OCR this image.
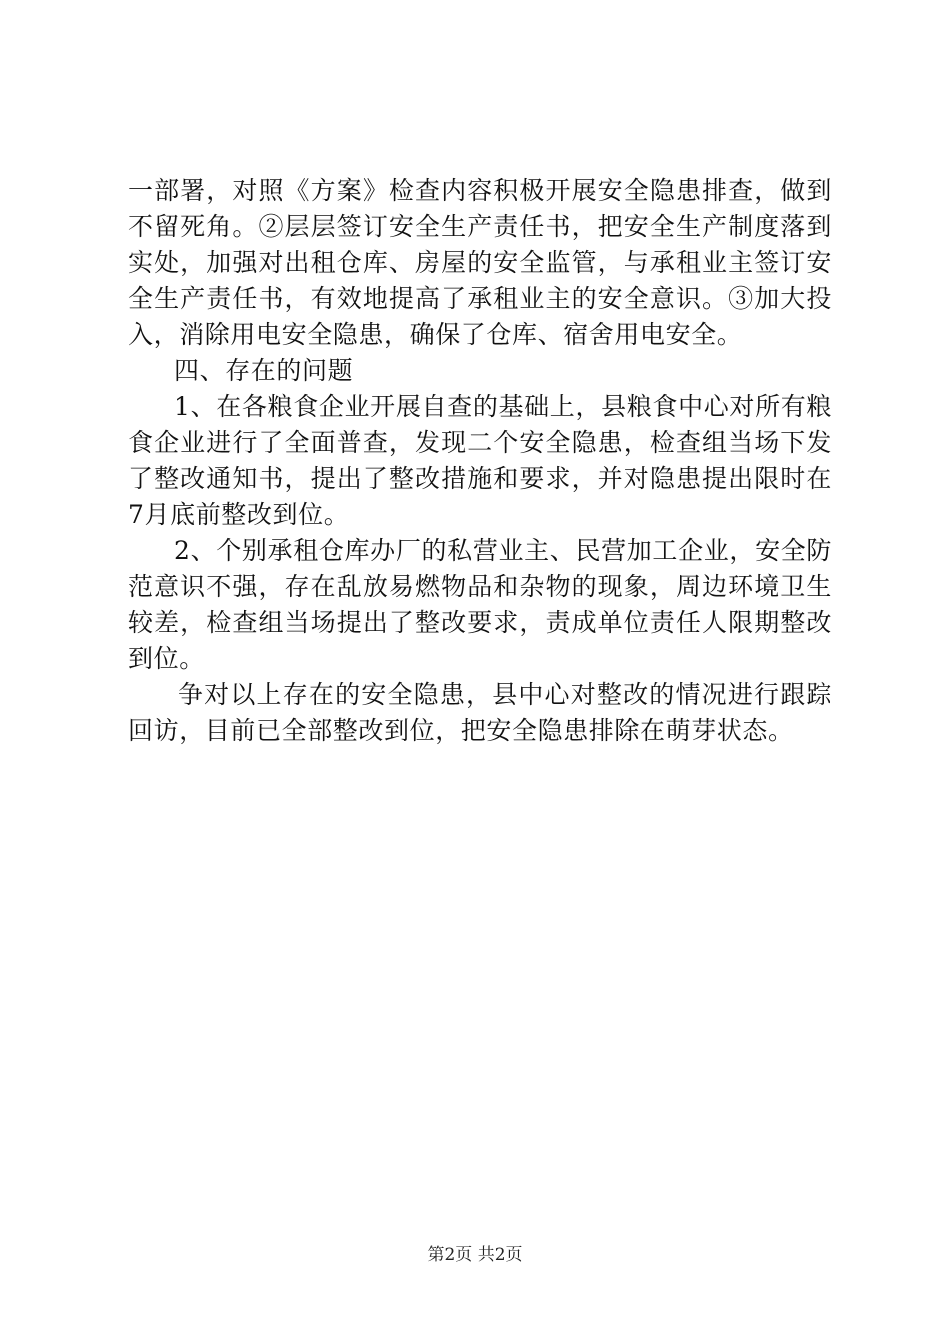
一部署，对照《方案》检查内容积极开展安全隐患排查，做到不留死角。②层层签订安全生产责任书，把安全生产制度落到实处，加强对出租仓库、房屋的安全监管，与承租业主签订安全生产责任书，有效地提高了承租业主的安全意识。③加大投入，消除用电安全隐患，确保了仓库、宿舍用电安全。

四、存在的问题

1、在各粮食企业开展自查的基础上，县粮食中心对所有粮食企业进行了全面普查，发现二个安全隐患，检查组当场下发了整改通知书，提出了整改措施和要求，并对隐患提出限时在7月底前整改到位。

2、个别承租仓库办厂的私营业主、民营加工企业，安全防范意识不强，存在乱放易燃物品和杂物的现象，周边环境卫生较差，检查组当场提出了整改要求，责成单位责任人限期整改到位。

争对以上存在的安全隐患，县中心对整改的情况进行跟踪回访，目前已全部整改到位，把安全隐患排除在萌芽状态。

第2页 共2页
